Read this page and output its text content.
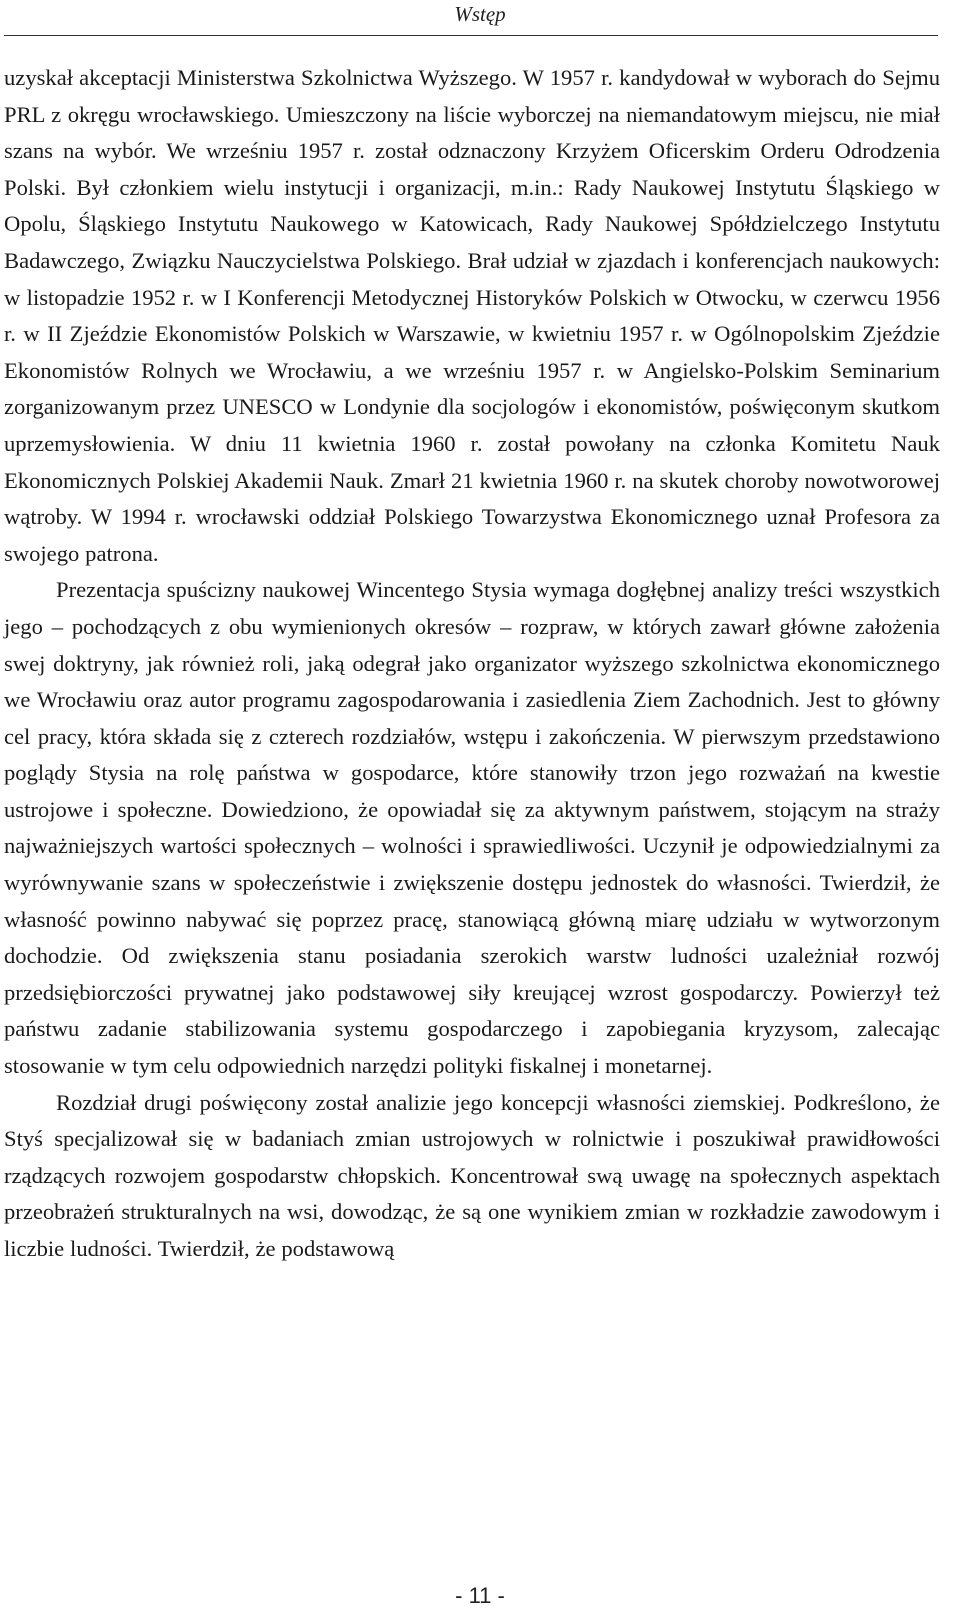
Wstęp

uzyskał akceptacji Ministerstwa Szkolnictwa Wyższego. W 1957 r. kandydował w wyborach do Sejmu PRL z okręgu wrocławskiego. Umieszczony na liście wyborczej na niemandatowym miejscu, nie miał szans na wybór. We wrześniu 1957 r. został odznaczony Krzyżem Oficerskim Orderu Odrodzenia Polski. Był członkiem wielu instytucji i organizacji, m.in.: Rady Naukowej Instytutu Śląskiego w Opolu, Śląskiego Instytutu Naukowego w Katowicach, Rady Naukowej Spółdzielczego Instytutu Badawczego, Związku Nauczycielstwa Polskiego. Brał udział w zjazdach i konferencjach naukowych: w listopadzie 1952 r. w I Konferencji Metodycznej Historyków Polskich w Otwocku, w czerwcu 1956 r. w II Zjeździe Ekonomistów Polskich w Warszawie, w kwietniu 1957 r. w Ogólnopolskim Zjeździe Ekonomistów Rolnych we Wrocławiu, a we wrześniu 1957 r. w Angielsko-Polskim Seminarium zorganizowanym przez UNESCO w Londynie dla socjologów i ekonomistów, poświęconym skutkom uprzemysłowienia. W dniu 11 kwietnia 1960 r. został powołany na członka Komitetu Nauk Ekonomicznych Polskiej Akademii Nauk. Zmarł 21 kwietnia 1960 r. na skutek choroby nowotworowej wątroby. W 1994 r. wrocławski oddział Polskiego Towarzystwa Ekonomicznego uznał Profesora za swojego patrona.

Prezentacja spuścizny naukowej Wincentego Stysia wymaga dogłębnej analizy treści wszystkich jego – pochodzących z obu wymienionych okresów – rozpraw, w których zawarł główne założenia swej doktryny, jak również roli, jaką odegrał jako organizator wyższego szkolnictwa ekonomicznego we Wrocławiu oraz autor programu zagospodarowania i zasiedlenia Ziem Zachodnich. Jest to główny cel pracy, która składa się z czterech rozdziałów, wstępu i zakończenia. W pierwszym przedstawiono poglądy Stysia na rolę państwa w gospodarce, które stanowiły trzon jego rozważań na kwestie ustrojowe i społeczne. Dowiedziono, że opowiadał się za aktywnym państwem, stojącym na straży najważniejszych wartości społecznych – wolności i sprawiedliwości. Uczynił je odpowiedzialnymi za wyrównywanie szans w społeczeństwie i zwiększenie dostępu jednostek do własności. Twierdził, że własność powinno nabywać się poprzez pracę, stanowiącą główną miarę udziału w wytworzonym dochodzie. Od zwiększenia stanu posiadania szerokich warstw ludności uzależniał rozwój przedsiębiorczości prywatnej jako podstawowej siły kreującej wzrost gospodarczy. Powierzył też państwu zadanie stabilizowania systemu gospodarczego i zapobiegania kryzysom, zalecając stosowanie w tym celu odpowiednich narzędzi polityki fiskalnej i monetarnej.

Rozdział drugi poświęcony został analizie jego koncepcji własności ziemskiej. Podkreślono, że Styś specjalizował się w badaniach zmian ustrojowych w rolnictwie i poszukiwał prawidłowości rządzących rozwojem gospodarstw chłopskich. Koncentrował swą uwagę na społecznych aspektach przeobrażeń strukturalnych na wsi, dowodząc, że są one wynikiem zmian w rozkładzie zawodowym i liczbie ludności. Twierdził, że podstawową

- 11 -
